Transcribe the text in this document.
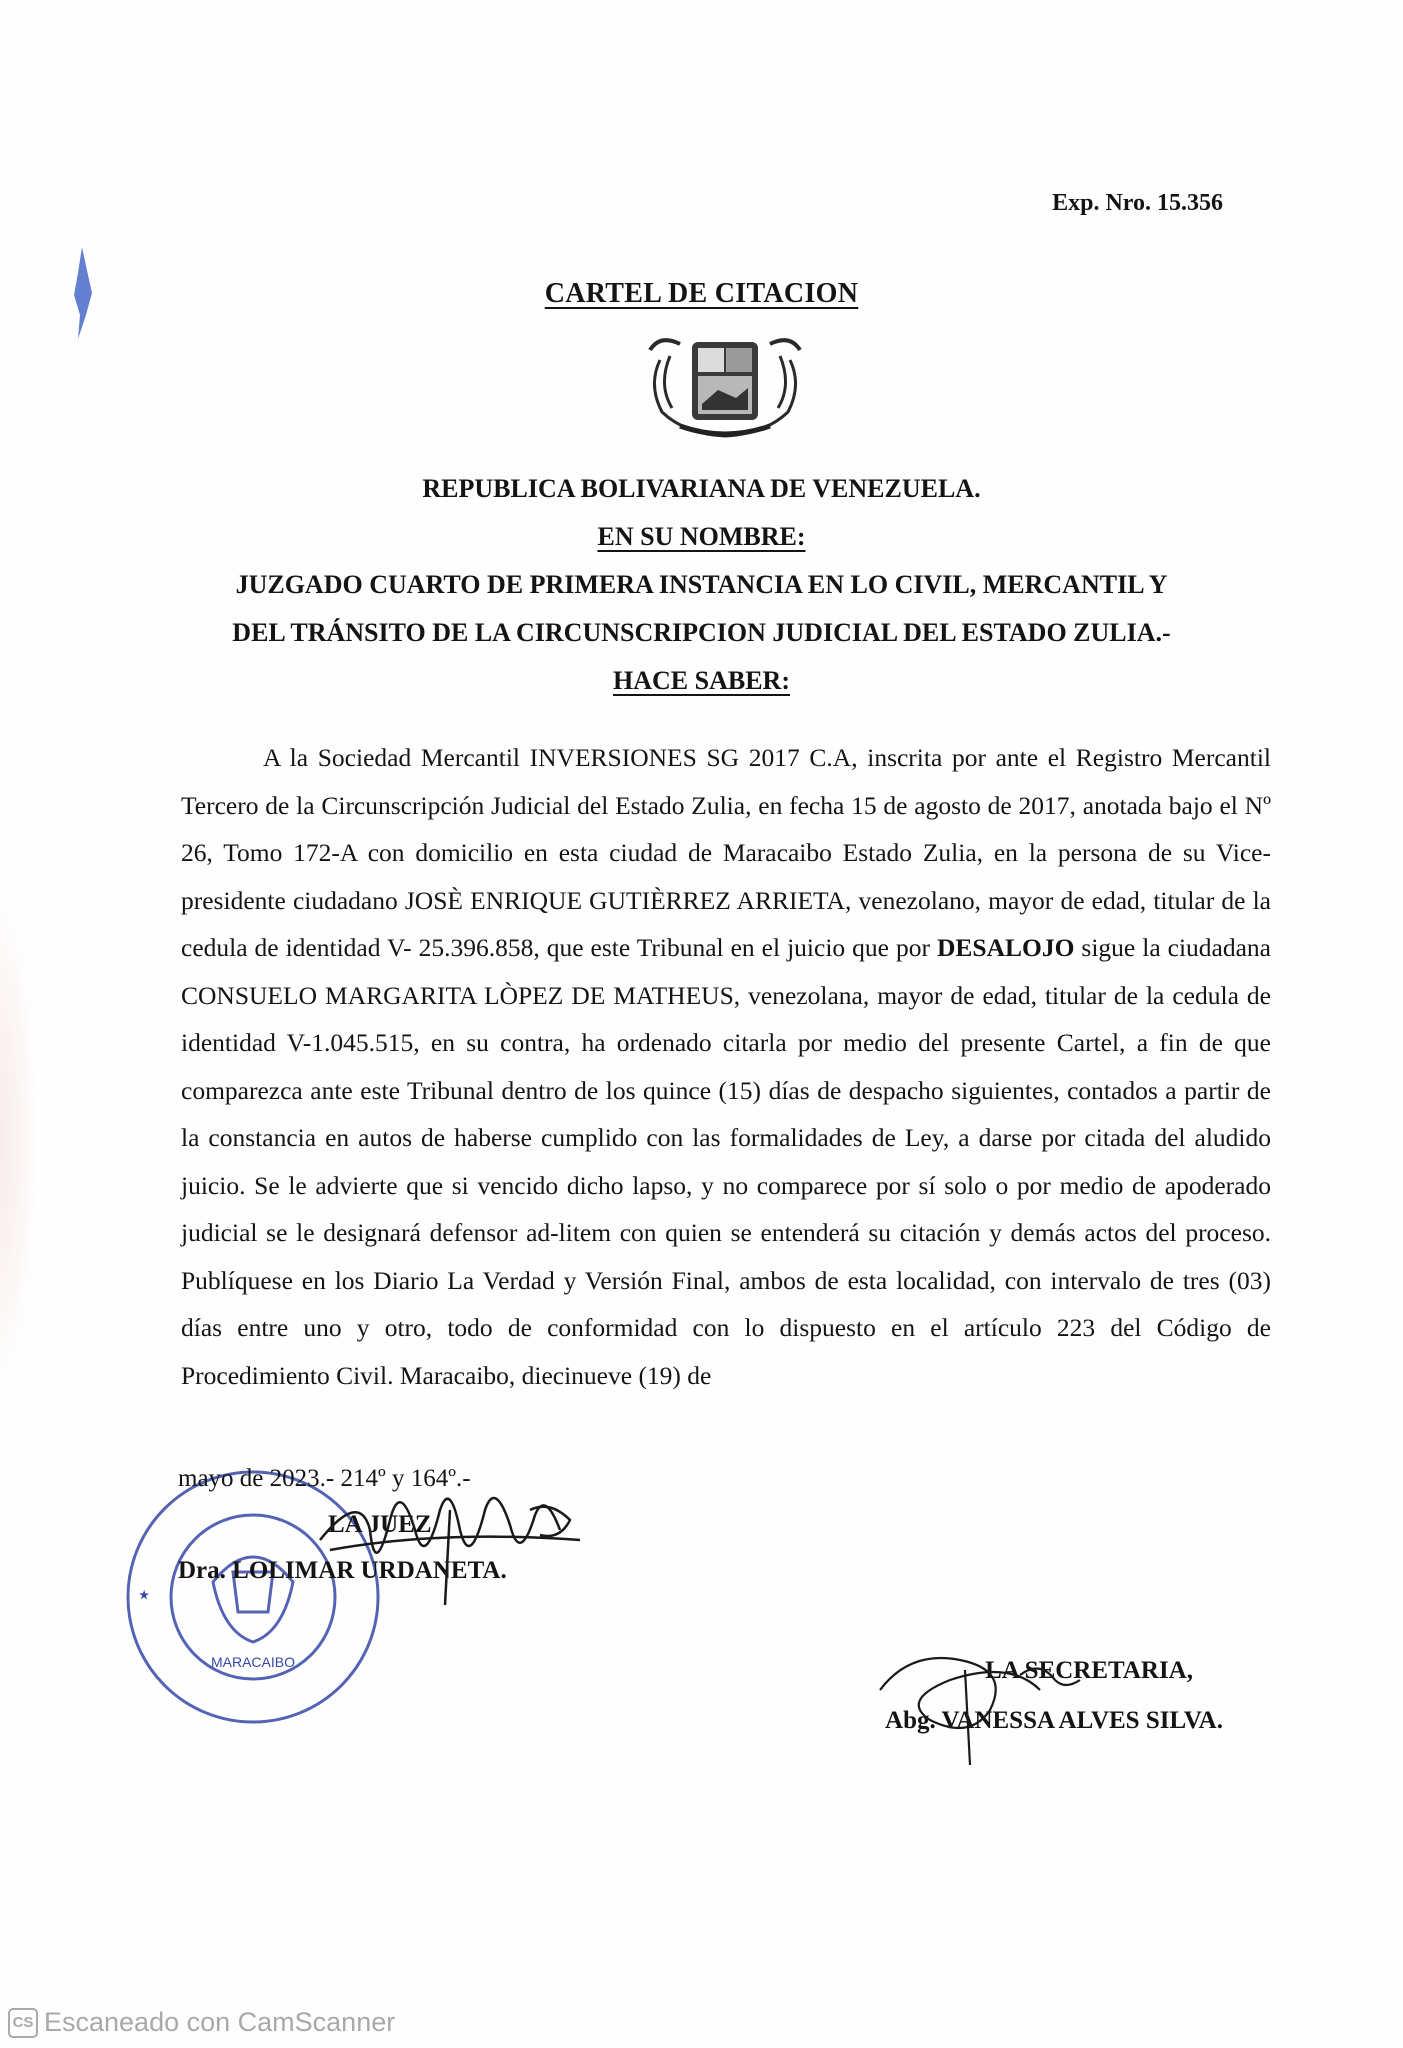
Exp. Nro. 15.356
CARTEL DE CITACION
REPUBLICA BOLIVARIANA DE VENEZUELA.
EN SU NOMBRE:
JUZGADO CUARTO DE PRIMERA INSTANCIA EN LO CIVIL, MERCANTIL Y
DEL TRÁNSITO DE LA CIRCUNSCRIPCION JUDICIAL DEL ESTADO ZULIA.-
HACE SABER:

A la Sociedad Mercantil INVERSIONES SG 2017 C.A, inscrita por ante el Registro Mercantil Tercero de la Circunscripción Judicial del Estado Zulia, en fecha 15 de agosto de 2017, anotada bajo el Nº 26, Tomo 172-A con domicilio en esta ciudad de Maracaibo Estado Zulia, en la persona de su Vice-presidente ciudadano JOSÈ ENRIQUE GUTIÈRREZ ARRIETA, venezolano, mayor de edad, titular de la cedula de identidad V- 25.396.858, que este Tribunal en el juicio que por DESALOJO sigue la ciudadana CONSUELO MARGARITA LÒPEZ DE MATHEUS, venezolana, mayor de edad, titular de la cedula de identidad V-1.045.515, en su contra, ha ordenado citarla por medio del presente Cartel, a fin de que comparezca ante este Tribunal dentro de los quince (15) días de despacho siguientes, contados a partir de la constancia en autos de haberse cumplido con las formalidades de Ley, a darse por citada del aludido juicio. Se le advierte que si vencido dicho lapso, y no comparece por sí solo o por medio de apoderado judicial se le designará defensor ad-litem con quien se entenderá su citación y demás actos del proceso. Publíquese en los Diario La Verdad y Versión Final, ambos de esta localidad, con intervalo de tres (03) días entre uno y otro, todo de conformidad con lo dispuesto en el artículo 223 del Código de Procedimiento Civil. Maracaibo, diecinueve (19) de

MARACAIBO
★
mayo de 2023.- 214º y 164º.-
LA JUEZ
Dra. LOLIMAR URDANETA.
LA SECRETARIA,
Abg. VANESSA ALVES SILVA.
CS Escaneado con CamScanner
